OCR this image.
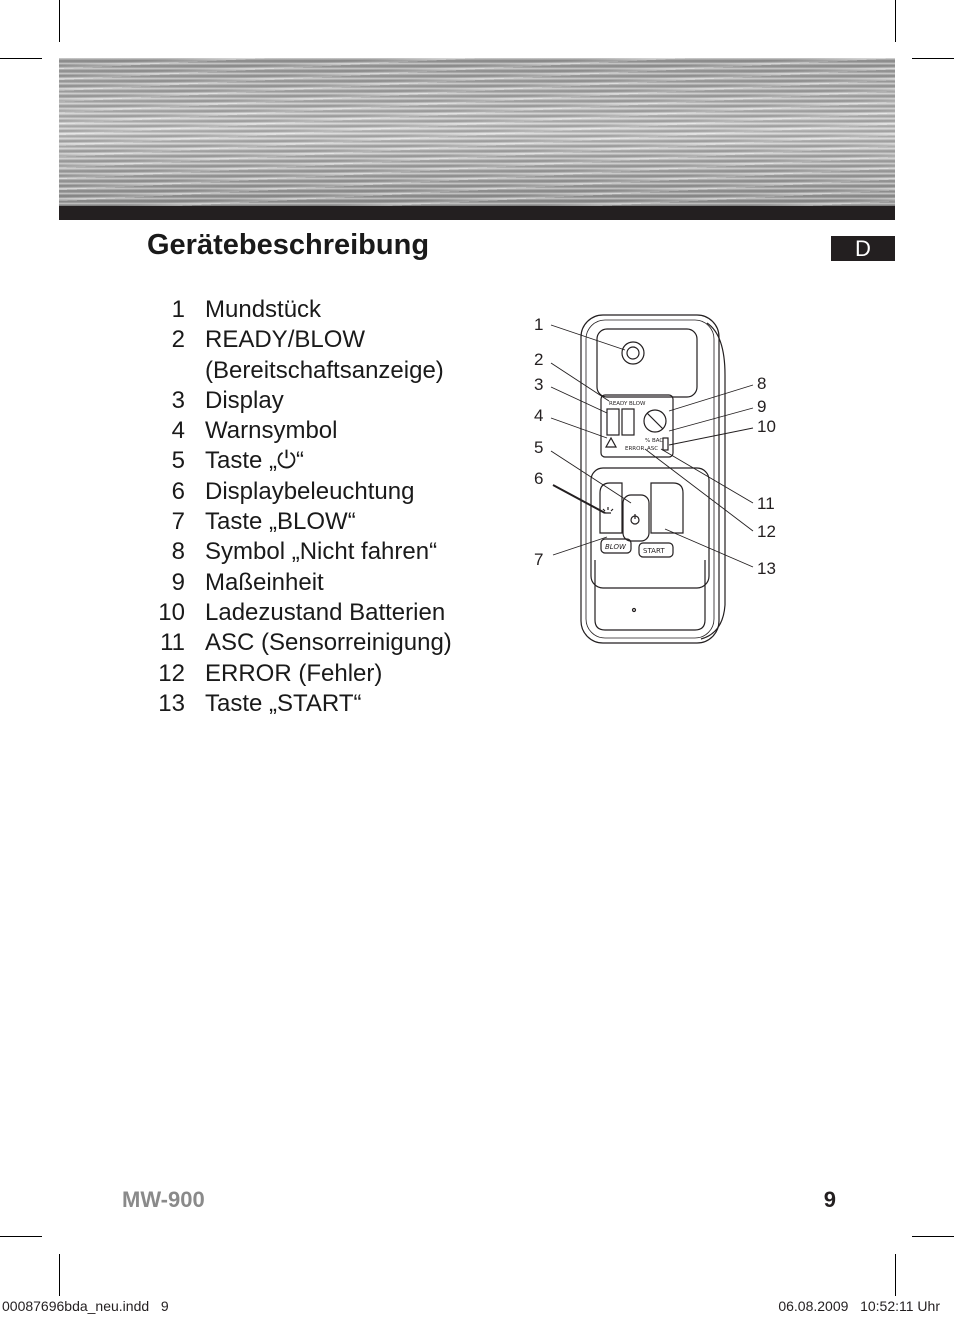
Gerätebeschreibung	D
1 Mundstück
2 READY/BLOW (Bereitschaftsanzeige)
3 Display
4 Warnsymbol
5 Taste „⏻“
6 Displaybeleuchtung
7 Taste „BLOW“
8 Symbol „Nicht fahren“
9 Maßeinheit
10 Ladezustand Batterien
11 ASC (Sensorreinigung)
12 ERROR (Fehler)
13 Taste „START“
READY BLOW
% BAC
ERROR ASC
BLOW START
1
2
3
4
5
6
7
8
9
10
11
12
13
MW-900	9
00087696bda_neu.indd   9	06.08.2009   10:52:11 Uhr
